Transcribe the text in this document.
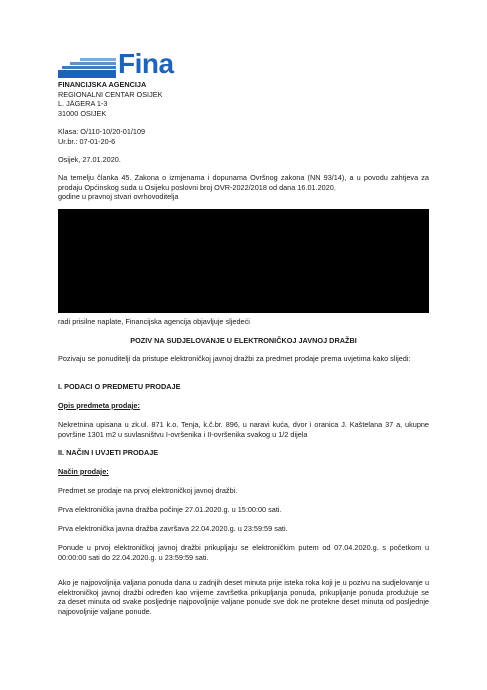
Fina
FINANCIJSKA AGENCIJA
REGIONALNI CENTAR OSIJEK
L. JÄGERA 1-3
31000 OSIJEK
Klasa: O/110-10/20-01/109
Ur.br.: 07-01-20-6
Osijek, 27.01.2020.
Na temelju članka 45. Zakona o izmjenama i dopunama Ovršnog zakona (NN 93/14), a u povodu zahtjeva za prodaju Općinskog suda u Osijeku poslovni broj OVR-2022/2018 od dana 16.01.2020.
godine u pravnoj stvari ovrhovoditelja
radi prisilne naplate, Financijska agencija objavljuje sljedeći
POZIV NA SUDJELOVANJE U ELEKTRONIČKOJ JAVNOJ DRAŽBI
Pozivaju se ponuditelji da pristupe elektroničkoj javnoj dražbi za predmet prodaje prema uvjetima kako slijedi:
I. PODACI O PREDMETU PRODAJE
Opis predmeta prodaje:
Nekretnina upisana u zk.ul. 871 k.o. Tenja, k.č.br. 896, u naravi kuća, dvor i oranica J. Kaštelana 37 a, ukupne površine 1301 m2 u suvlasništvu I-ovršenika i II-ovršenika svakog u 1/2 dijela
II. NAČIN I UVJETI PRODAJE
Način prodaje:
Predmet se prodaje na prvoj elektroničkoj javnoj dražbi.
Prva elektronička javna dražba počinje 27.01.2020.g. u 15:00:00 sati.
Prva elektronička javna dražba završava 22.04.2020.g. u 23:59:59 sati.
Ponude u prvoj elektroničkoj javnoj dražbi prikupljaju se elektroničkim putem od 07.04.2020.g. s početkom u 00:00:00 sati do 22.04.2020.g. u 23:59:59 sati.
Ako je najpovoljnija valjana ponuda dana u zadnjih deset minuta prije isteka roka koji je u pozivu na sudjelovanje u elektroničkoj javnoj dražbi određen kao vrijeme završetka prikupljanja ponuda, prikupljanje ponuda produžuje se za deset minuta od svake posljednje najpovoljnije valjane ponude sve dok ne protekne deset minuta od posljednje najpovoljnije valjane ponude.
